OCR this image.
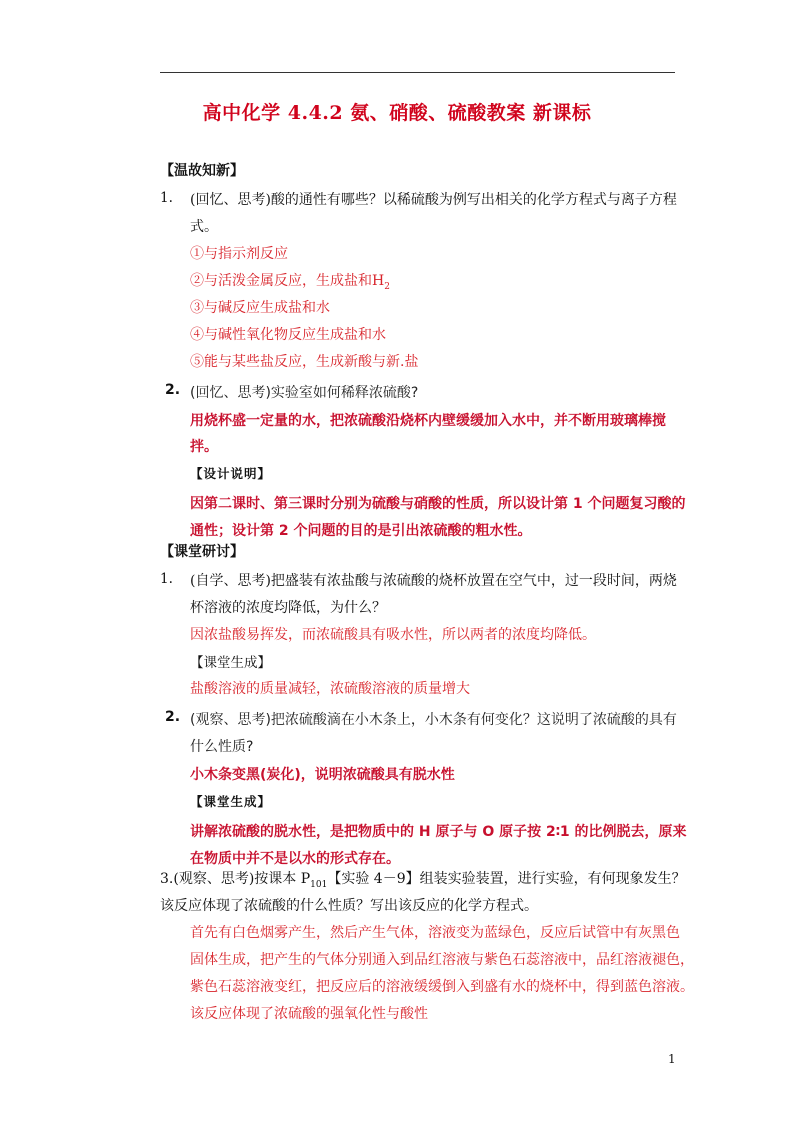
高中化学 4.4.2 氨、硝酸、硫酸教案 新课标
【温故知新】
1. (回忆、思考)酸的通性有哪些？以稀硫酸为例写出相关的化学方程式与离子方程
式。
①与指示剂反应
②与活泼金属反应，生成盐和$H_2$
③与碱反应生成盐和水
④与碱性氧化物反应生成盐和水
⑤能与某些盐反应，生成新酸与新.盐
2. (回忆、思考)实验室如何稀释浓硫酸?
用烧杯盛一定量的水，把浓硫酸沿烧杯内壁缓缓加入水中，并不断用玻璃棒搅
拌。
【设计说明】
因第二课时、第三课时分别为硫酸与硝酸的性质，所以设计第 1 个问题复习酸的
通性；设计第 2 个问题的目的是引出浓硫酸的粗水性。
【课堂研讨】
1. (自学、思考)把盛装有浓盐酸与浓硫酸的烧杯放置在空气中，过一段时间，两烧
杯溶液的浓度均降低，为什么？
因浓盐酸易挥发，而浓硫酸具有吸水性，所以两者的浓度均降低。
【课堂生成】
盐酸溶液的质量减轻，浓硫酸溶液的质量增大
2. (观察、思考)把浓硫酸滴在小木条上，小木条有何变化？这说明了浓硫酸的具有
什么性质?
小木条变黑(炭化)，说明浓硫酸具有脱水性
【课堂生成】
讲解浓硫酸的脱水性，是把物质中的 H 原子与 O 原子按 2∶1 的比例脱去，原来
在物质中并不是以水的形式存在。
3.(观察、思考)按课本 $P_{101}$【实验 4－9】组装实验装置，进行实验，有何现象发生？
该反应体现了浓硫酸的什么性质？写出该反应的化学方程式。
首先有白色烟雾产生，然后产生气体，溶液变为蓝绿色，反应后试管中有灰黑色
固体生成，把产生的气体分别通入到品红溶液与紫色石蕊溶液中，品红溶液褪色，
紫色石蕊溶液变红，把反应后的溶液缓缓倒入到盛有水的烧杯中，得到蓝色溶液。
该反应体现了浓硫酸的强氧化性与酸性
1
